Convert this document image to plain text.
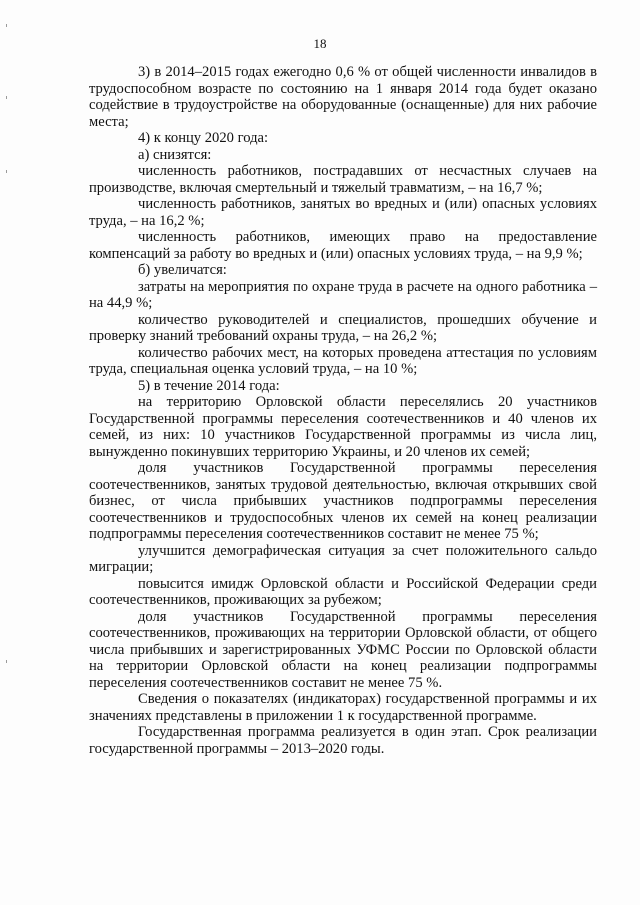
18

3) в 2014–2015 годах ежегодно 0,6 % от общей численности инвалидов в трудоспособном возрасте по состоянию на 1 января 2014 года будет оказано содействие в трудоустройстве на оборудованные (оснащенные) для них рабочие места;

4) к концу 2020 года:

а) снизятся:

численность работников, пострадавших от несчастных случаев на производстве, включая смертельный и тяжелый травматизм, – на 16,7 %;

численность работников, занятых во вредных и (или) опасных условиях труда, – на 16,2 %;

численность работников, имеющих право на предоставление компенсаций за работу во вредных и (или) опасных условиях труда, – на 9,9 %;

б) увеличатся:

затраты на мероприятия по охране труда в расчете на одного работника – на 44,9 %;

количество руководителей и специалистов, прошедших обучение и проверку знаний требований охраны труда, – на 26,2 %;

количество рабочих мест, на которых проведена аттестация по условиям труда, специальная оценка условий труда, – на 10 %;

5) в течение 2014 года:

на территорию Орловской области переселялись 20 участников Государственной программы переселения соотечественников и 40 членов их семей, из них: 10 участников Государственной программы из числа лиц, вынужденно покинувших территорию Украины, и 20 членов их семей;

доля участников Государственной программы переселения соотечественников, занятых трудовой деятельностью, включая открывших свой бизнес, от числа прибывших участников подпрограммы переселения соотечественников и трудоспособных членов их семей на конец реализации подпрограммы переселения соотечественников составит не менее 75 %;

улучшится демографическая ситуация за счет положительного сальдо миграции;

повысится имидж Орловской области и Российской Федерации среди соотечественников, проживающих за рубежом;

доля участников Государственной программы переселения соотечественников, проживающих на территории Орловской области, от общего числа прибывших и зарегистрированных УФМС России по Орловской области на территории Орловской области на конец реализации подпрограммы переселения соотечественников составит не менее 75 %.

Сведения о показателях (индикаторах) государственной программы и их значениях представлены в приложении 1 к государственной программе.

Государственная программа реализуется в один этап. Срок реализации государственной программы – 2013–2020 годы.
